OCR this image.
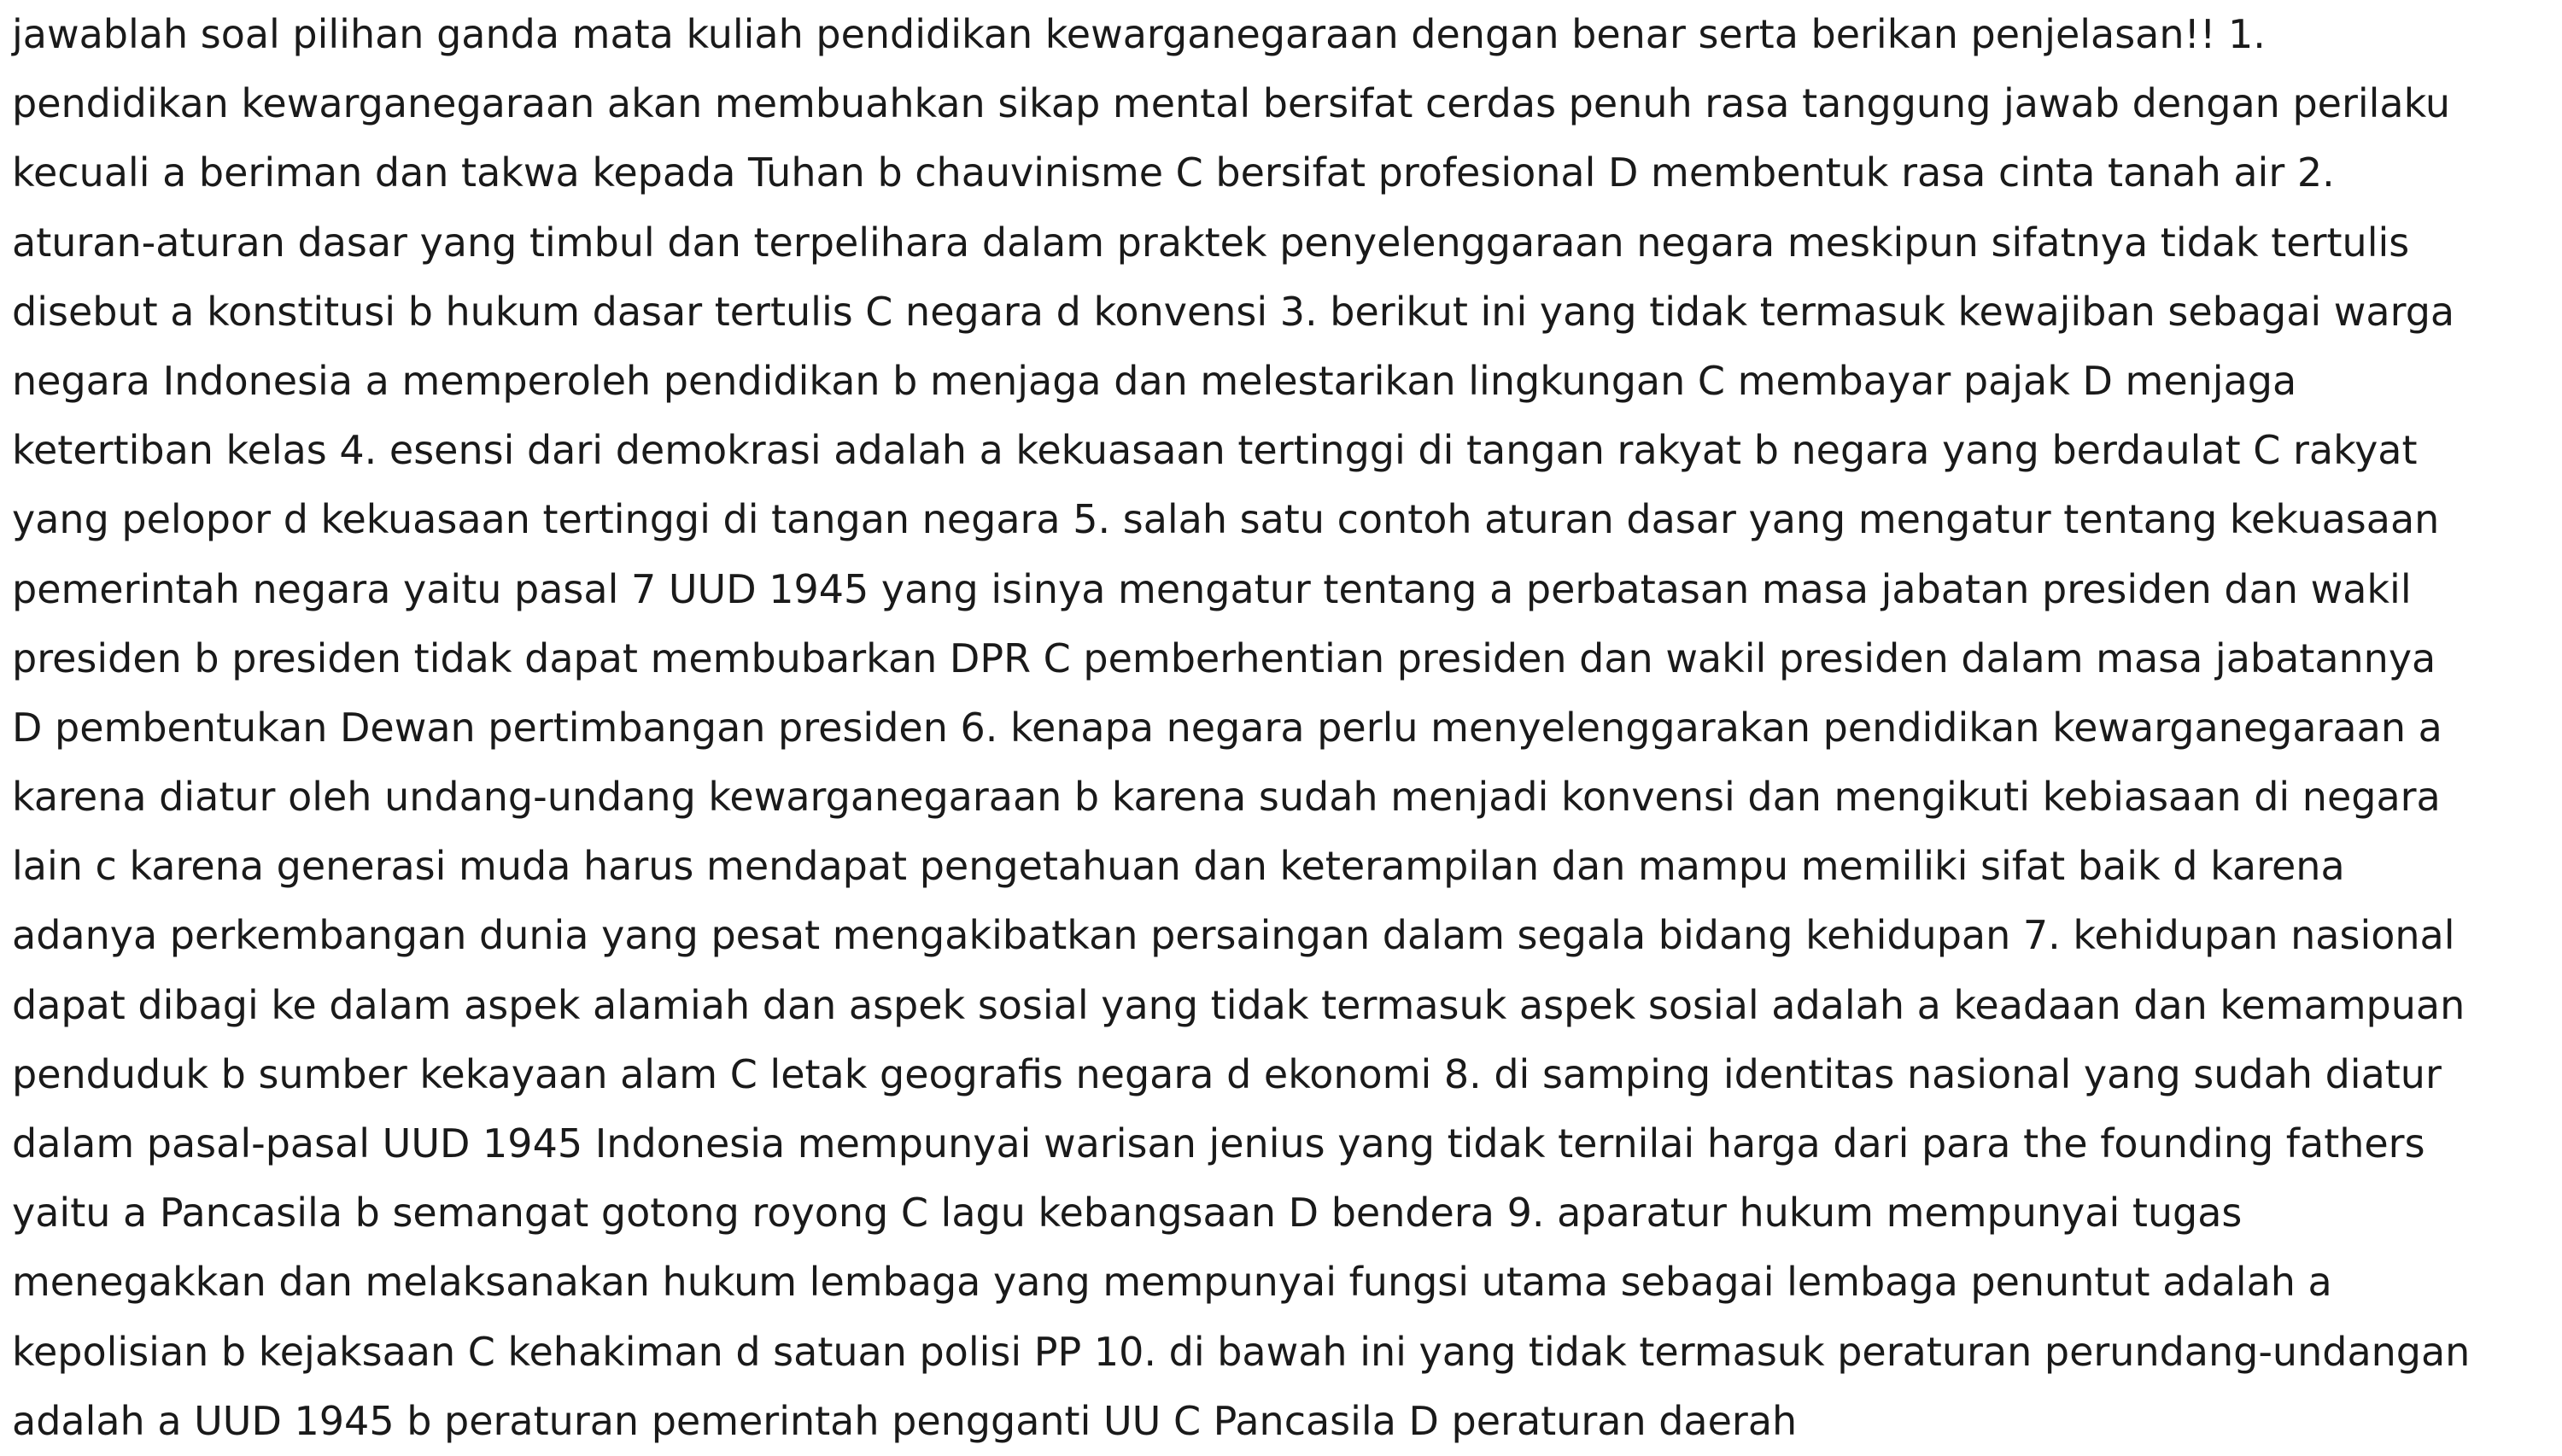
jawablah soal pilihan ganda mata kuliah pendidikan kewarganegaraan dengan benar serta berikan penjelasan!! 1.
pendidikan kewarganegaraan akan membuahkan sikap mental bersifat cerdas penuh rasa tanggung jawab dengan perilaku
kecuali a beriman dan takwa kepada Tuhan b chauvinisme C bersifat profesional D membentuk rasa cinta tanah air 2.
aturan-aturan dasar yang timbul dan terpelihara dalam praktek penyelenggaraan negara meskipun sifatnya tidak tertulis
disebut a konstitusi b hukum dasar tertulis C negara d konvensi 3. berikut ini yang tidak termasuk kewajiban sebagai warga
negara Indonesia a memperoleh pendidikan b menjaga dan melestarikan lingkungan C membayar pajak D menjaga
ketertiban kelas 4. esensi dari demokrasi adalah a kekuasaan tertinggi di tangan rakyat b negara yang berdaulat C rakyat
yang pelopor d kekuasaan tertinggi di tangan negara 5. salah satu contoh aturan dasar yang mengatur tentang kekuasaan
pemerintah negara yaitu pasal 7 UUD 1945 yang isinya mengatur tentang a perbatasan masa jabatan presiden dan wakil
presiden b presiden tidak dapat membubarkan DPR C pemberhentian presiden dan wakil presiden dalam masa jabatannya
D pembentukan Dewan pertimbangan presiden 6. kenapa negara perlu menyelenggarakan pendidikan kewarganegaraan a
karena diatur oleh undang-undang kewarganegaraan b karena sudah menjadi konvensi dan mengikuti kebiasaan di negara
lain c karena generasi muda harus mendapat pengetahuan dan keterampilan dan mampu memiliki sifat baik d karena
adanya perkembangan dunia yang pesat mengakibatkan persaingan dalam segala bidang kehidupan 7. kehidupan nasional
dapat dibagi ke dalam aspek alamiah dan aspek sosial yang tidak termasuk aspek sosial adalah a keadaan dan kemampuan
penduduk b sumber kekayaan alam C letak geografis negara d ekonomi 8. di samping identitas nasional yang sudah diatur
dalam pasal-pasal UUD 1945 Indonesia mempunyai warisan jenius yang tidak ternilai harga dari para the founding fathers
yaitu a Pancasila b semangat gotong royong C lagu kebangsaan D bendera 9. aparatur hukum mempunyai tugas
menegakkan dan melaksanakan hukum lembaga yang mempunyai fungsi utama sebagai lembaga penuntut adalah a
kepolisian b kejaksaan C kehakiman d satuan polisi PP 10. di bawah ini yang tidak termasuk peraturan perundang-undangan
adalah a UUD 1945 b peraturan pemerintah pengganti UU C Pancasila D peraturan daerah
